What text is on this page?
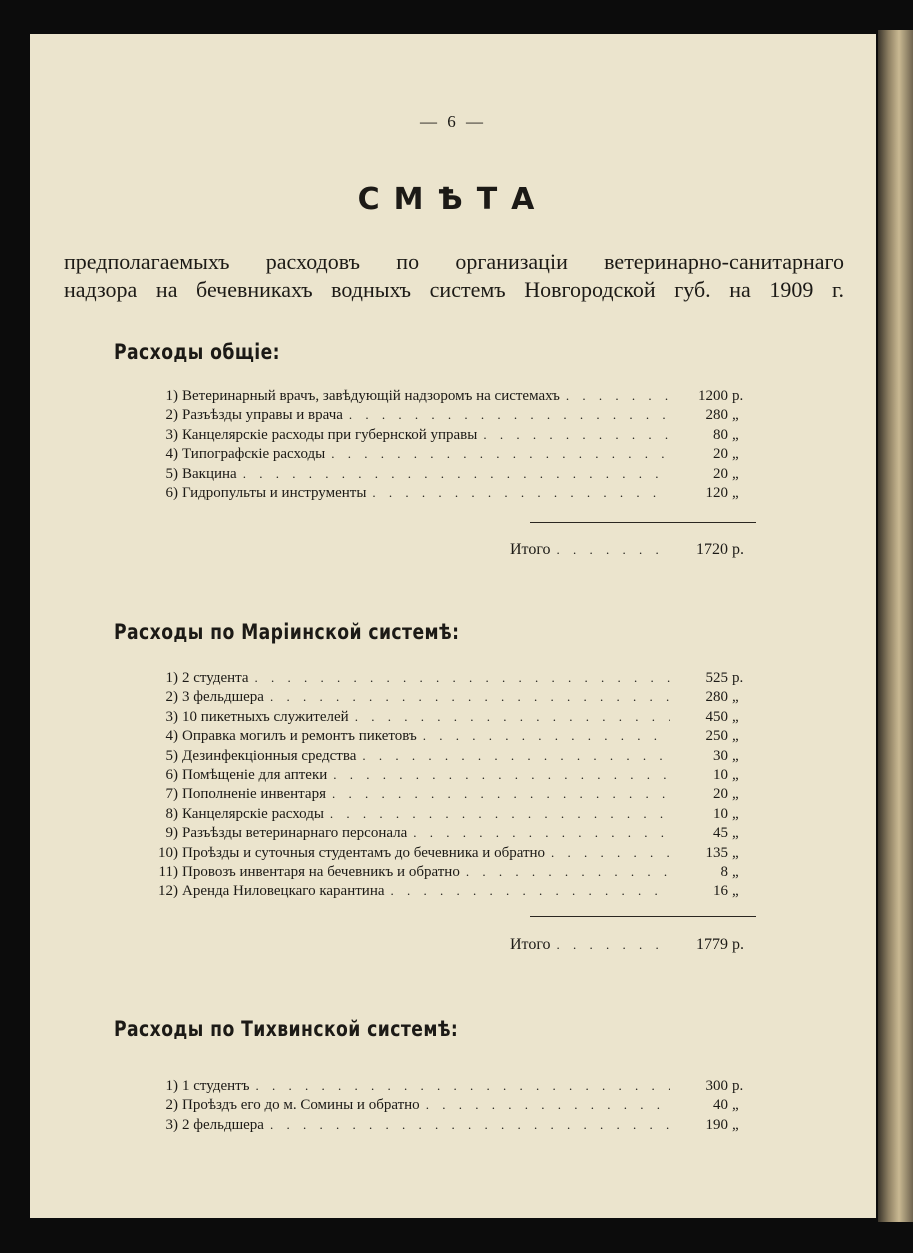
— 6 —
СМѢТА
предполагаемыхъ расходовъ по организаціи ветеринарно-санитарнаго
надзора на бечевникахъ водныхъ системъ Новгородской губ. на 1909 г.
Расходы общіе:
1) Ветеринарный врачъ, завѣдующій надзоромъ на системахъ . . .	1200 р.
2) Разъѣзды управы и врача . . .	280 „
3) Канцелярскіе расходы при губернской управы . . .	80 „
4) Типографскіе расходы . . .	20 „
5) Вакцина . . .	20 „
6) Гидропульты и инструменты . . .	120 „
Итого . . .	1720 р.
Расходы по Маріинской системѣ:
1) 2 студента . . .	525 р.
2) 3 фельдшера . . .	280 „
3) 10 пикетныхъ служителей . . .	450 „
4) Оправка могилъ и ремонтъ пикетовъ . . .	250 „
5) Дезинфекціонныя средства . . .	30 „
6) Помѣщеніе для аптеки . . .	10 „
7) Пополненіе инвентаря . . .	20 „
8) Канцелярскіе расходы . . .	10 „
9) Разъѣзды ветеринарнаго персонала . . .	45 „
10) Проѣзды и суточныя студентамъ до бечевника и обратно . . .	135 „
11) Провозъ инвентаря на бечевникъ и обратно . . .	8 „
12) Аренда Ниловецкаго карантина . . .	16 „
Итого . . .	1779 р.
Расходы по Тихвинской системѣ:
1) 1 студентъ . . .	300 р.
2) Проѣздъ его до м. Сомины и обратно . . .	40 „
3) 2 фельдшера . . .	190 „
